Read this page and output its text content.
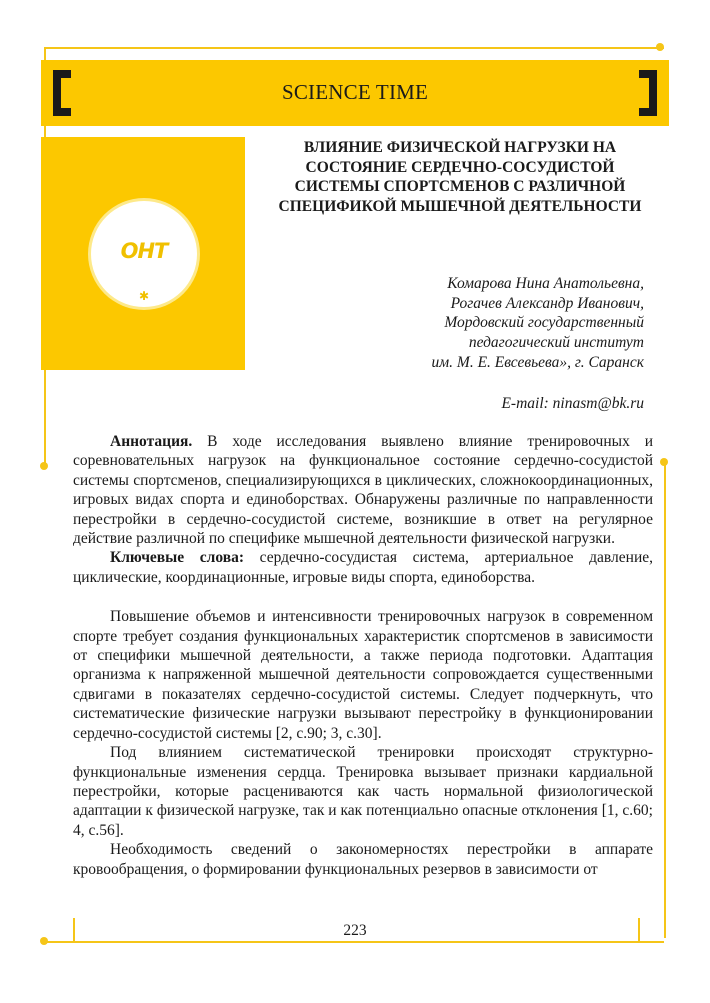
SCIENCE TIME
ОНТ
✱
ВЛИЯНИЕ ФИЗИЧЕСКОЙ НАГРУЗКИ НА СОСТОЯНИЕ СЕРДЕЧНО-СОСУДИСТОЙ СИСТЕМЫ СПОРТСМЕНОВ С РАЗЛИЧНОЙ СПЕЦИФИКОЙ МЫШЕЧНОЙ ДЕЯТЕЛЬНОСТИ
Комарова Нина Анатольевна,
Рогачев Александр Иванович,
Мордовский государственный
педагогический институт
им. М. Е. Евсевьева», г. Саранск
E-mail: ninasm@bk.ru

Аннотация. В ходе исследования выявлено влияние тренировочных и соревновательных нагрузок на функциональное состояние сердечно-сосудистой системы спортсменов, специализирующихся в циклических, сложнокоординационных, игровых видах спорта и единоборствах. Обнаружены различные по направленности перестройки в сердечно-сосудистой системе, возникшие в ответ на регулярное действие различной по специфике мышечной деятельности физической нагрузки.

Ключевые слова: сердечно-сосудистая система, артериальное давление, циклические, координационные, игровые виды спорта, единоборства.

Повышение объемов и интенсивности тренировочных нагрузок в современном спорте требует создания функциональных характеристик спортсменов в зависимости от специфики мышечной деятельности, а также периода подготовки. Адаптация организма к напряженной мышечной деятельности сопровождается существенными сдвигами в показателях сердечно-сосудистой системы. Следует подчеркнуть, что систематические физические нагрузки вызывают перестройку в функционировании сердечно-сосудистой системы [2, с.90; 3, с.30].

Под влиянием систематической тренировки происходят структурно-функциональные изменения сердца. Тренировка вызывает признаки кардиальной перестройки, которые расцениваются как часть нормальной физиологической адаптации к физической нагрузке, так и как потенциально опасные отклонения [1, с.60; 4, с.56].

Необходимость сведений о закономерностях перестройки в аппарате кровообращения, о формировании функциональных резервов в зависимости от

223
